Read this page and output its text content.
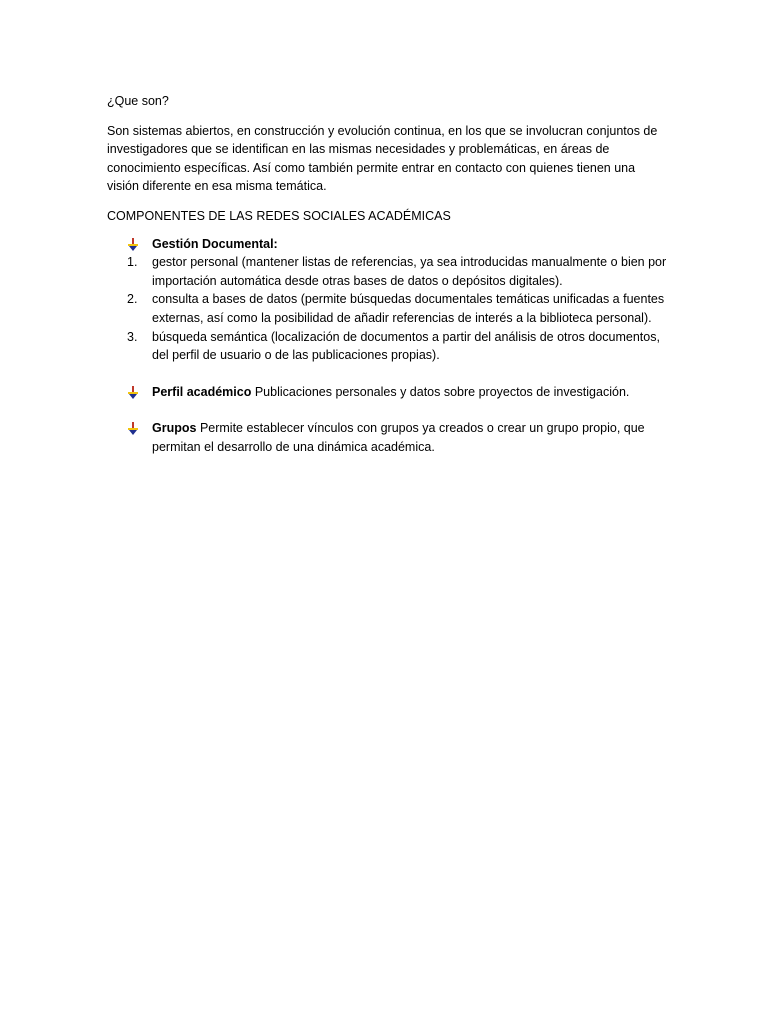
¿Que son?

Son sistemas abiertos, en construcción y evolución continua, en los que se involucran conjuntos de investigadores que se identifican en las mismas necesidades y problemáticas, en áreas de conocimiento específicas. Así como también permite entrar en contacto con quienes tienen una visión diferente en esa misma temática.

COMPONENTES DE LAS REDES SOCIALES ACADÉMICAS

Gestión Documental:
1. gestor personal (mantener listas de referencias, ya sea introducidas manualmente o bien por importación automática desde otras bases de datos o depósitos digitales).
2. consulta a bases de datos (permite búsquedas documentales temáticas unificadas a fuentes externas, así como la posibilidad de añadir referencias de interés a la biblioteca personal).
3. búsqueda semántica (localización de documentos a partir del análisis de otros documentos, del perfil de usuario o de las publicaciones propias).
Perfil académico Publicaciones personales y datos sobre proyectos de investigación.
Grupos Permite establecer vínculos con grupos ya creados o crear un grupo propio, que permitan el desarrollo de una dinámica académica.
